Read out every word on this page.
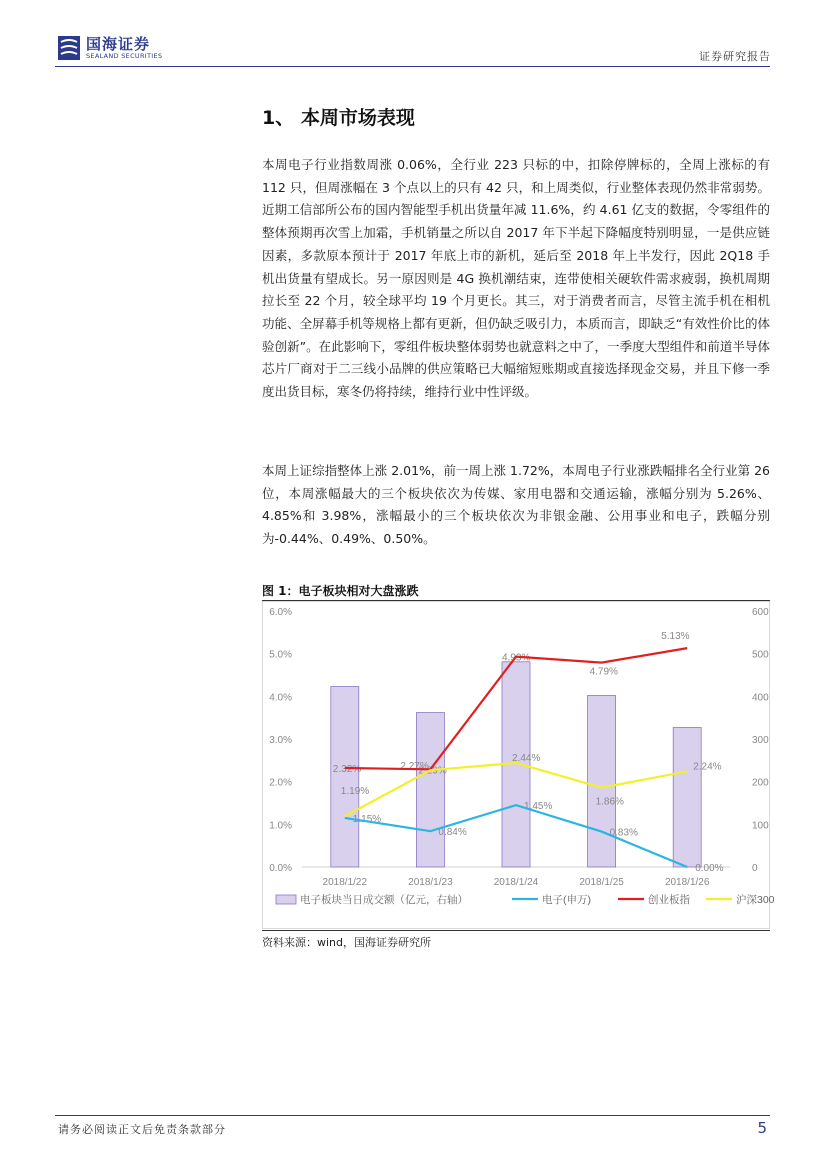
国海证券
SEALAND SECURITIES	证券研究报告
1、 本周市场表现

本周电子行业指数周涨 0.06%，全行业 223 只标的中，扣除停牌标的，全周上涨标的有 112 只，但周涨幅在 3 个点以上的只有 42 只，和上周类似，行业整体表现仍然非常弱势。近期工信部所公布的国内智能型手机出货量年减 11.6%，约 4.61 亿支的数据，令零组件的整体预期再次雪上加霜，手机销量之所以自 2017 年下半起下降幅度特别明显，一是供应链因素，多款原本预计于 2017 年底上市的新机，延后至 2018 年上半发行，因此 2Q18 手机出货量有望成长。另一原因则是 4G 换机潮结束，连带使相关硬软件需求疲弱，换机周期拉长至 22 个月，较全球平均 19 个月更长。其三，对于消费者而言，尽管主流手机在相机功能、全屏幕手机等规格上都有更新，但仍缺乏吸引力，本质而言，即缺乏“有效性价比的体验创新”。在此影响下，零组件板块整体弱势也就意料之中了，一季度大型组件和前道半导体芯片厂商对于二三线小品牌的供应策略已大幅缩短账期或直接选择现金交易，并且下修一季度出货目标，寒冬仍将持续，维持行业中性评级。

本周上证综指整体上涨 2.01%，前一周上涨 1.72%，本周电子行业涨跌幅排名全行业第 26 位，本周涨幅最大的三个板块依次为传媒、家用电器和交通运输，涨幅分别为 5.26%、4.85%和 3.98%，涨幅最小的三个板块依次为非银金融、公用事业和电子，跌幅分别为-0.44%、0.49%、0.50%。

图 1：电子板块相对大盘涨跌
0.0%
1.0%
2.0%
3.0%
4.0%
5.0%
6.0%
0
100
200
300
400
500
600
2018/1/22	2018/1/23	2018/1/24	2018/1/25	2018/1/26
1.15%
0.84%
1.45%
0.83%
0.00%
2.32%	2.29%
4.93%
4.79%
5.13%
1.19%
2.27%
2.44%
1.86%
2.24%
电子板块当日成交额（亿元，右轴）	电子(申万)	创业板指	沪深300
资料来源：wind，国海证券研究所
请务必阅读正文后免责条款部分	5
